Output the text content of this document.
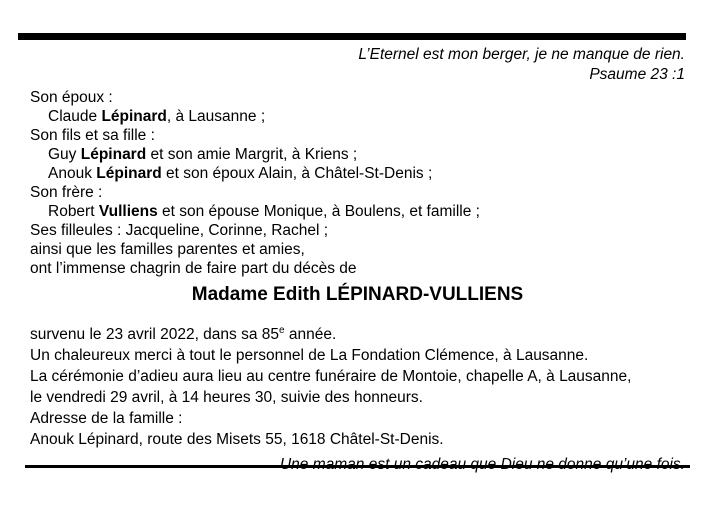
L’Eternel est mon berger, je ne manque de rien.
Psaume 23 :1
Son époux :
Claude Lépinard, à Lausanne ;
Son fils et sa fille :
Guy Lépinard et son amie Margrit, à Kriens ;
Anouk Lépinard et son époux Alain, à Châtel-St-Denis ;
Son frère :
Robert Vulliens et son épouse Monique, à Boulens, et famille ;
Ses filleules : Jacqueline, Corinne, Rachel ;
ainsi que les familles parentes et amies,
ont l’immense chagrin de faire part du décès de
Madame Edith LÉPINARD-VULLIENS
survenu le 23 avril 2022, dans sa 85e année.
Un chaleureux merci à tout le personnel de La Fondation Clémence, à Lausanne.
La cérémonie d’adieu aura lieu au centre funéraire de Montoie, chapelle A, à Lausanne,
le vendredi 29 avril, à 14 heures 30, suivie des honneurs.
Adresse de la famille :
Anouk Lépinard, route des Misets 55, 1618 Châtel-St-Denis.
